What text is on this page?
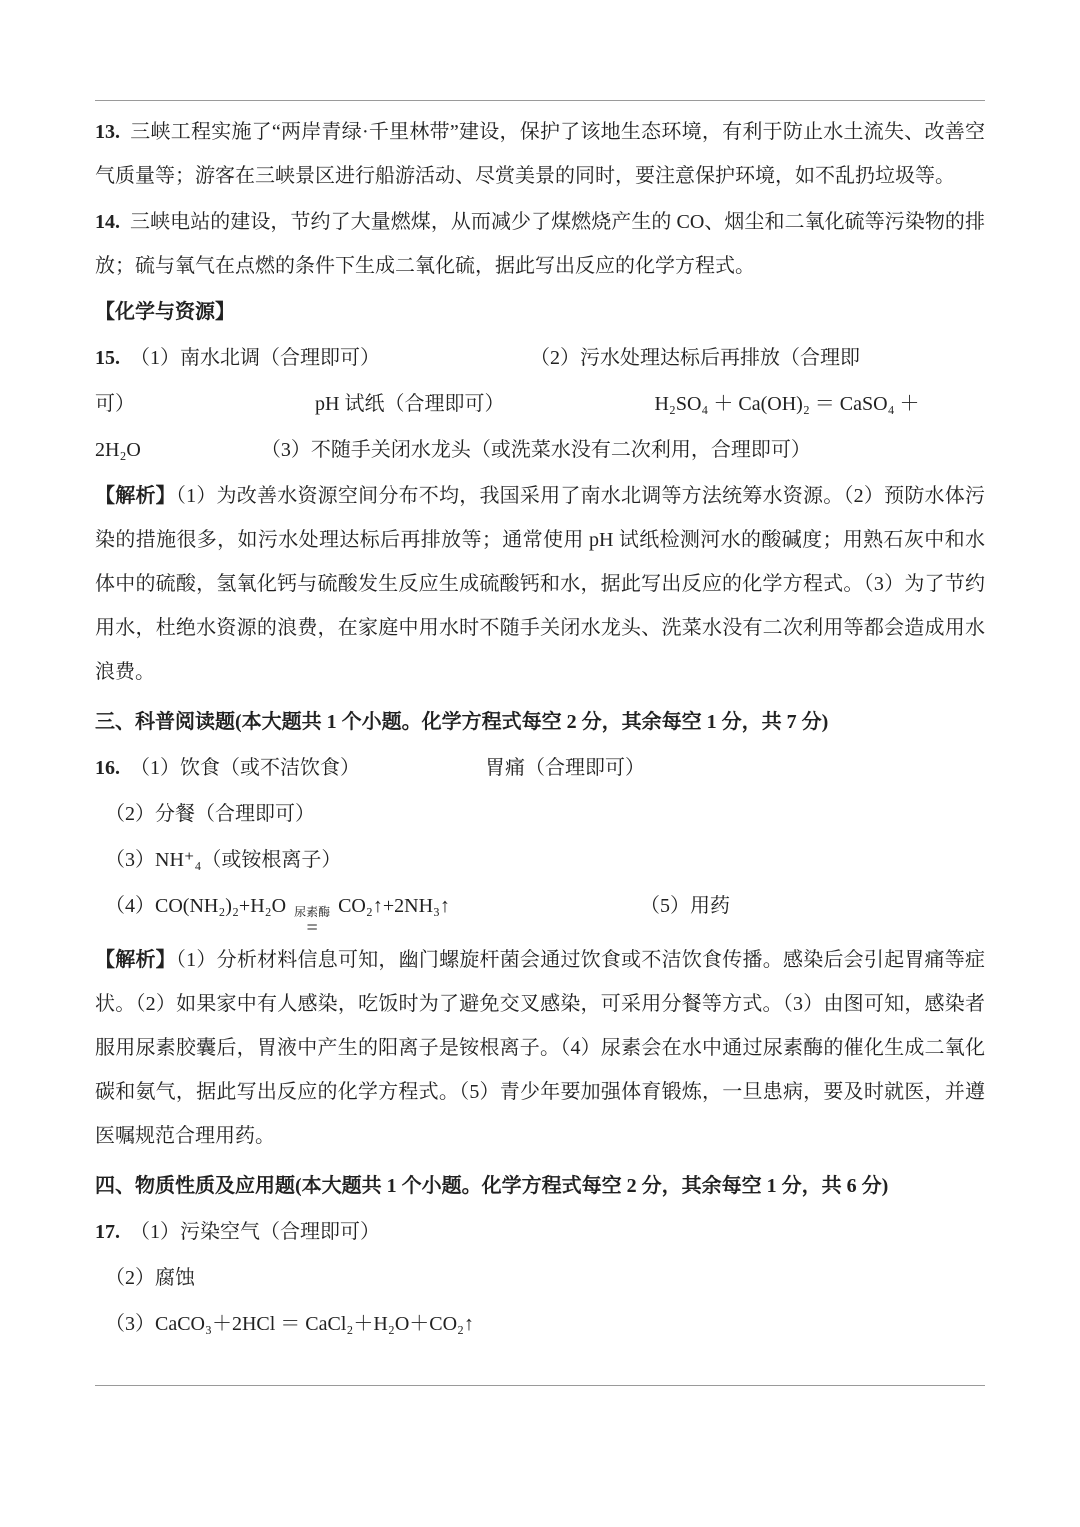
13. 三峡工程实施了“两岸青绿·千里林带”建设，保护了该地生态环境，有利于防止水土流失、改善空气质量等；游客在三峡景区进行船游活动、尽赏美景的同时，要注意保护环境，如不乱扔垃圾等。

14. 三峡电站的建设，节约了大量燃煤，从而减少了煤燃烧产生的 CO、烟尘和二氧化硫等污染物的排放；硫与氧气在点燃的条件下生成二氧化硫，据此写出反应的化学方程式。

【化学与资源】

15. （1）南水北调（合理即可）	（2）污水处理达标后再排放（合理即

可）	pH 试纸（合理即可）	H₂SO₄ ＋ Ca(OH)₂ ＝ CaSO₄ ＋

2H₂O	（3）不随手关闭水龙头（或洗菜水没有二次利用，合理即可）

【解析】（1）为改善水资源空间分布不均，我国采用了南水北调等方法统筹水资源。（2）预防水体污染的措施很多，如污水处理达标后再排放等；通常使用 pH 试纸检测河水的酸碱度；用熟石灰中和水体中的硫酸，氢氧化钙与硫酸发生反应生成硫酸钙和水，据此写出反应的化学方程式。（3）为了节约用水，杜绝水资源的浪费，在家庭中用水时不随手关闭水龙头、洗菜水没有二次利用等都会造成用水浪费。

三、科普阅读题(本大题共 1 个小题。化学方程式每空 2 分，其余每空 1 分，共 7 分)

16. （1）饮食（或不洁饮食）	胃痛（合理即可）

（2）分餐（合理即可）

（3）NH⁺₄（或铵根离子）

（4）CO(NH₂)₂+H₂O 尿素酶
=
CO₂↑+2NH₃↑	（5）用药

【解析】（1）分析材料信息可知，幽门螺旋杆菌会通过饮食或不洁饮食传播。感染后会引起胃痛等症状。（2）如果家中有人感染，吃饭时为了避免交叉感染，可采用分餐等方式。（3）由图可知，感染者服用尿素胶囊后，胃液中产生的阳离子是铵根离子。（4）尿素会在水中通过尿素酶的催化生成二氧化碳和氨气，据此写出反应的化学方程式。（5）青少年要加强体育锻炼，一旦患病，要及时就医，并遵医嘱规范合理用药。

四、物质性质及应用题(本大题共 1 个小题。化学方程式每空 2 分，其余每空 1 分，共 6 分)

17. （1）污染空气（合理即可）

（2）腐蚀

（3）CaCO₃＋2HCl ＝ CaCl₂＋H₂O＋CO₂↑
